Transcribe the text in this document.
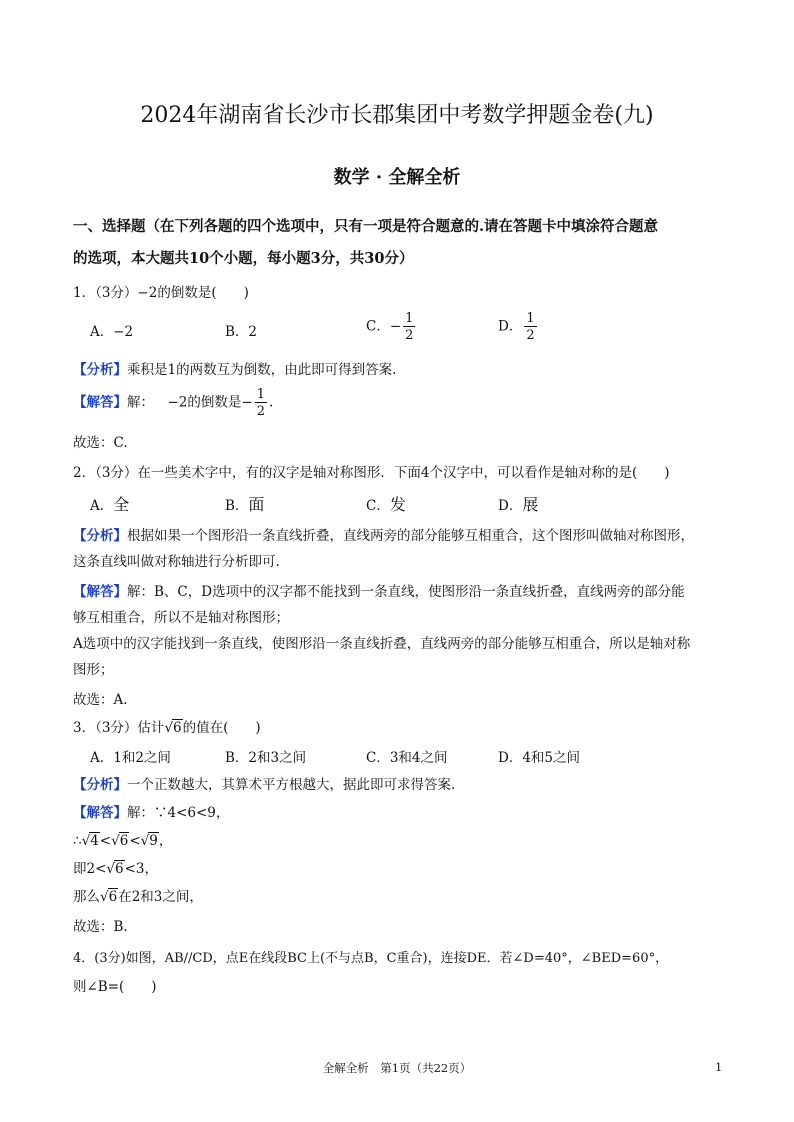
2024年湖南省长沙市长郡集团中考数学押题金卷(九)
数学 · 全解全析
一、选择题（在下列各题的四个选项中，只有一项是符合题意的.请在答题卡中填涂符合题意
的选项，本大题共10个小题，每小题3分，共30分）
1．（3分）−2的倒数是(  )
A．−2	B．2	C．− $\frac{1}{2}$	D． $\frac{1}{2}$
【分析】乘积是1的两数互为倒数，由此即可得到答案.
【解答】解： −2的倒数是− $\frac{1}{2}$ .
故选：C.
2．（3分）在一些美术字中，有的汉字是轴对称图形．下面4个汉字中，可以看作是轴对称的是(  )
A．全	B．面	C．发	D．展
【分析】根据如果一个图形沿一条直线折叠，直线两旁的部分能够互相重合，这个图形叫做轴对称图形，
这条直线叫做对称轴进行分析即可.
【解答】解：B、C，D选项中的汉字都不能找到一条直线，使图形沿一条直线折叠，直线两旁的部分能
够互相重合，所以不是轴对称图形；
A选项中的汉字能找到一条直线，使图形沿一条直线折叠，直线两旁的部分能够互相重合，所以是轴对称
图形；
故选：A.
3．（3分）估计√6的值在(  )
A．1和2之间	B．2和3之间	C．3和4之间	D．4和5之间
【分析】一个正数越大，其算术平方根越大，据此即可求得答案.
【解答】解：∵4<6<9，
∴√4<√6<√9，
即2<√6<3，
那么√6在2和3之间，
故选：B.
4．(3分)如图，AB//CD，点E在线段BC上(不与点B，C重合)，连接DE．若∠D=40°，∠BED=60°，
则∠B=(  )
全解全析 第1页（共22页）	1
